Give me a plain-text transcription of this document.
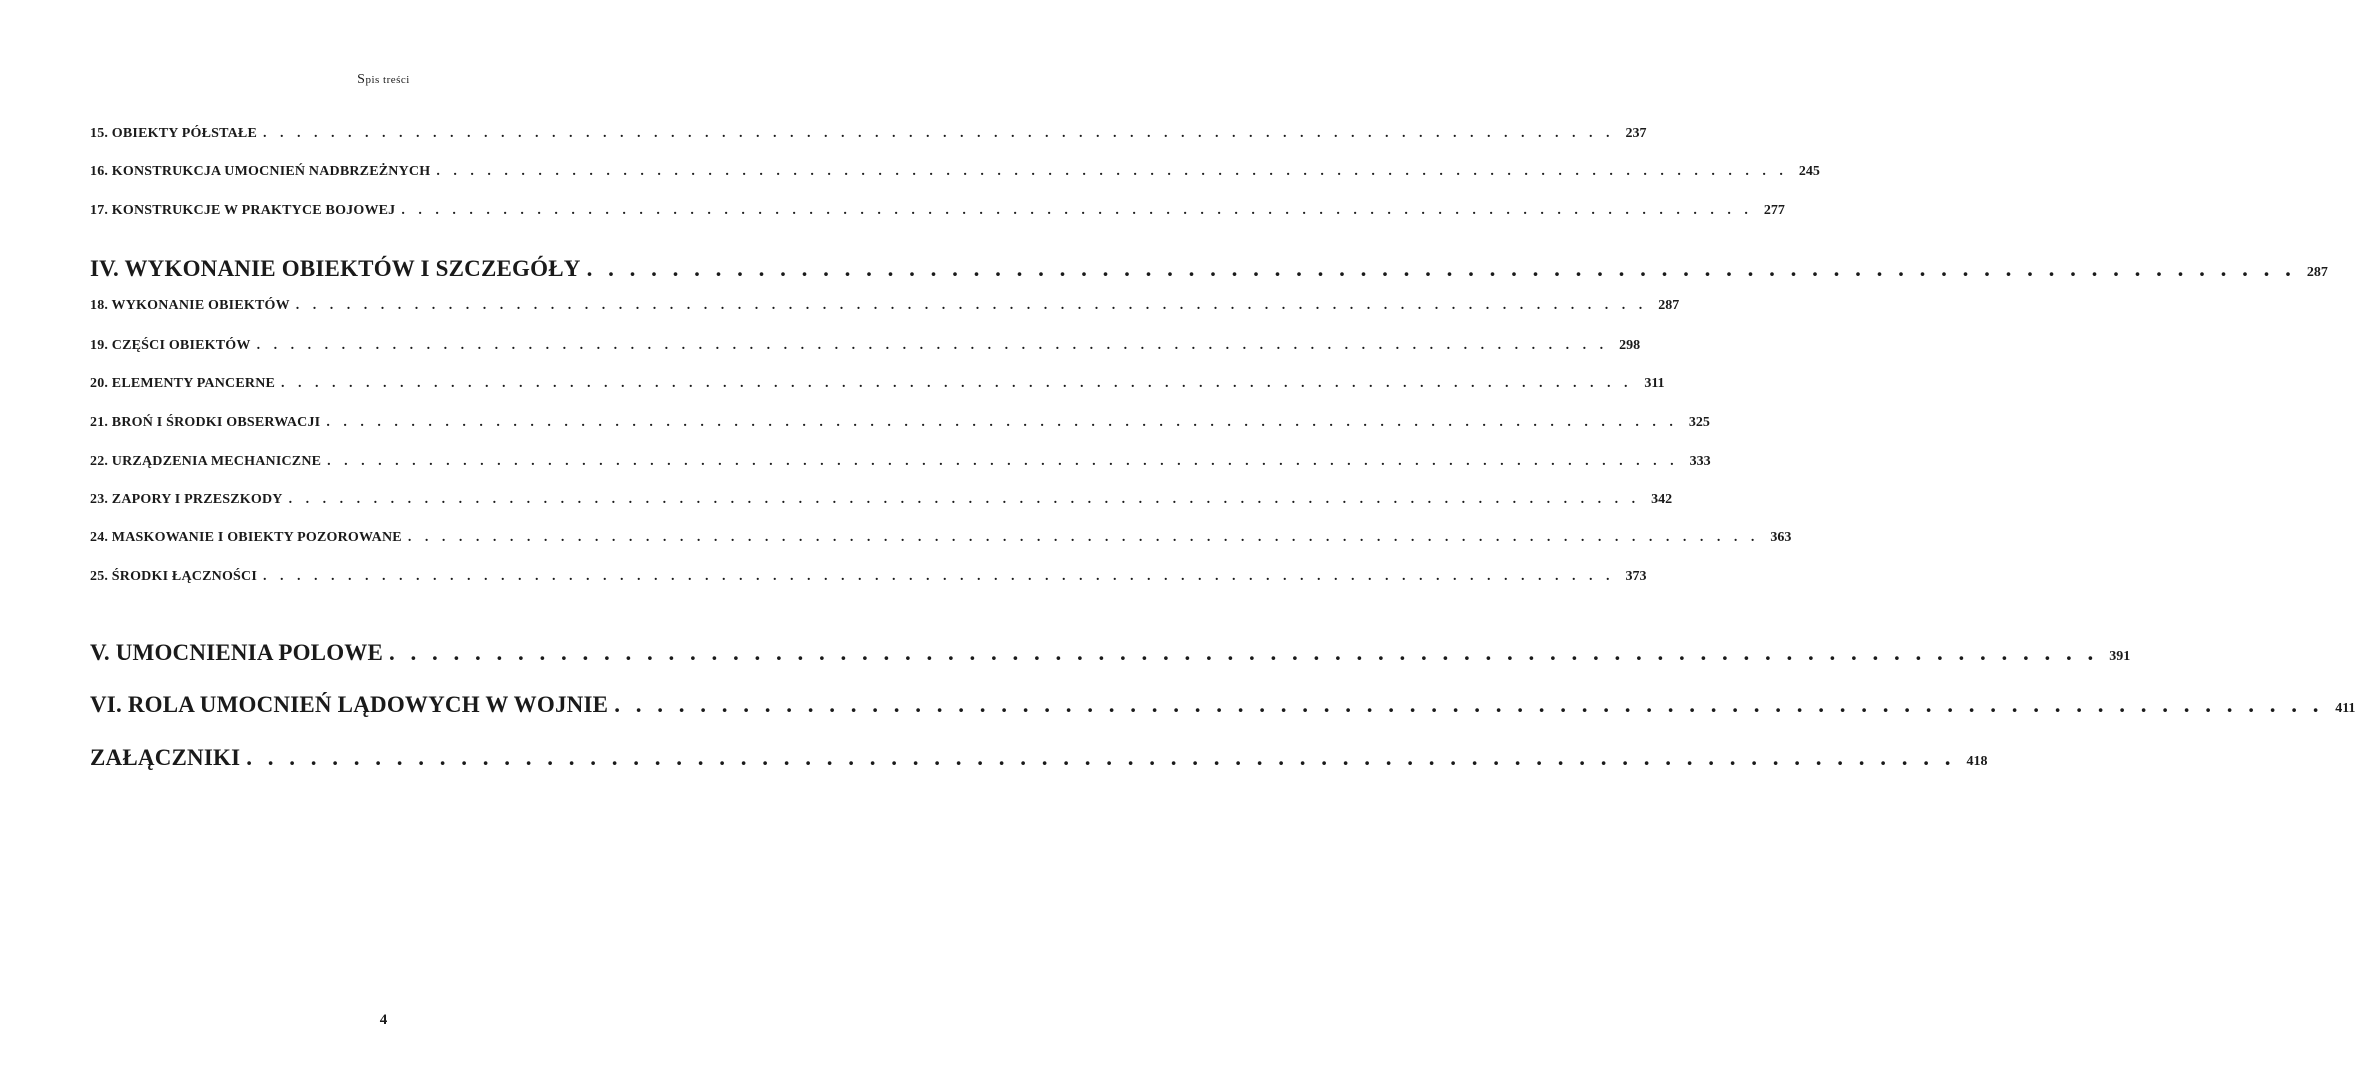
Spis treści
15. OBIEKTY PÓŁSTAŁE . . . . . . . . . . . . . . . . . . . . . . . . . . . . . . . . . . . . . . . . . . . . . . . . . . . . . . . . . . . . . . . . . . . . . . . . . . . . . . . . 237
16. KONSTRUKCJA UMOCNIEŃ NADBRZEŻNYCH . . . . . . . . . . . . . . . . . . . . . . . . . . . . . . . . . . . . . . . . . . . . . . . . . . . . . . . . . . . . . . . . . . . . . . . . . . . . . . . . 245
17. KONSTRUKCJE W PRAKTYCE BOJOWEJ . . . . . . . . . . . . . . . . . . . . . . . . . . . . . . . . . . . . . . . . . . . . . . . . . . . . . . . . . . . . . . . . . . . . . . . . . . . . . . . . 277
IV. WYKONANIE OBIEKTÓW I SZCZEGÓŁY . . . . . . . . . . . . . . . . . . . . . . . . . . . . . . . . . . . . . . . . . . . . . . . . . . . . . . . . . . . . . . . . . . . . . . . . . . . . . . . . 287
18. WYKONANIE OBIEKTÓW . . . . . . . . . . . . . . . . . . . . . . . . . . . . . . . . . . . . . . . . . . . . . . . . . . . . . . . . . . . . . . . . . . . . . . . . . . . . . . . . 287
19. CZĘŚCI OBIEKTÓW . . . . . . . . . . . . . . . . . . . . . . . . . . . . . . . . . . . . . . . . . . . . . . . . . . . . . . . . . . . . . . . . . . . . . . . . . . . . . . . . 298
20. ELEMENTY PANCERNE . . . . . . . . . . . . . . . . . . . . . . . . . . . . . . . . . . . . . . . . . . . . . . . . . . . . . . . . . . . . . . . . . . . . . . . . . . . . . . . . 311
21. BROŃ I ŚRODKI OBSERWACJI . . . . . . . . . . . . . . . . . . . . . . . . . . . . . . . . . . . . . . . . . . . . . . . . . . . . . . . . . . . . . . . . . . . . . . . . . . . . . . . . 325
22. URZĄDZENIA MECHANICZNE . . . . . . . . . . . . . . . . . . . . . . . . . . . . . . . . . . . . . . . . . . . . . . . . . . . . . . . . . . . . . . . . . . . . . . . . . . . . . . . . 333
23. ZAPORY I PRZESZKODY . . . . . . . . . . . . . . . . . . . . . . . . . . . . . . . . . . . . . . . . . . . . . . . . . . . . . . . . . . . . . . . . . . . . . . . . . . . . . . . . 342
24. MASKOWANIE I OBIEKTY POZOROWANE . . . . . . . . . . . . . . . . . . . . . . . . . . . . . . . . . . . . . . . . . . . . . . . . . . . . . . . . . . . . . . . . . . . . . . . . . . . . . . . . 363
25. ŚRODKI ŁĄCZNOŚCI . . . . . . . . . . . . . . . . . . . . . . . . . . . . . . . . . . . . . . . . . . . . . . . . . . . . . . . . . . . . . . . . . . . . . . . . . . . . . . . . 373
V. UMOCNIENIA POLOWE . . . . . . . . . . . . . . . . . . . . . . . . . . . . . . . . . . . . . . . . . . . . . . . . . . . . . . . . . . . . . . . . . . . . . . . . . . . . . . . . 391
VI. ROLA UMOCNIEŃ LĄDOWYCH W WOJNIE . . . . . . . . . . . . . . . . . . . . . . . . . . . . . . . . . . . . . . . . . . . . . . . . . . . . . . . . . . . . . . . . . . . . . . . . . . . . . . . . 411
ZAŁĄCZNIKI . . . . . . . . . . . . . . . . . . . . . . . . . . . . . . . . . . . . . . . . . . . . . . . . . . . . . . . . . . . . . . . . . . . . . . . . . . . . . . . . 418
4
